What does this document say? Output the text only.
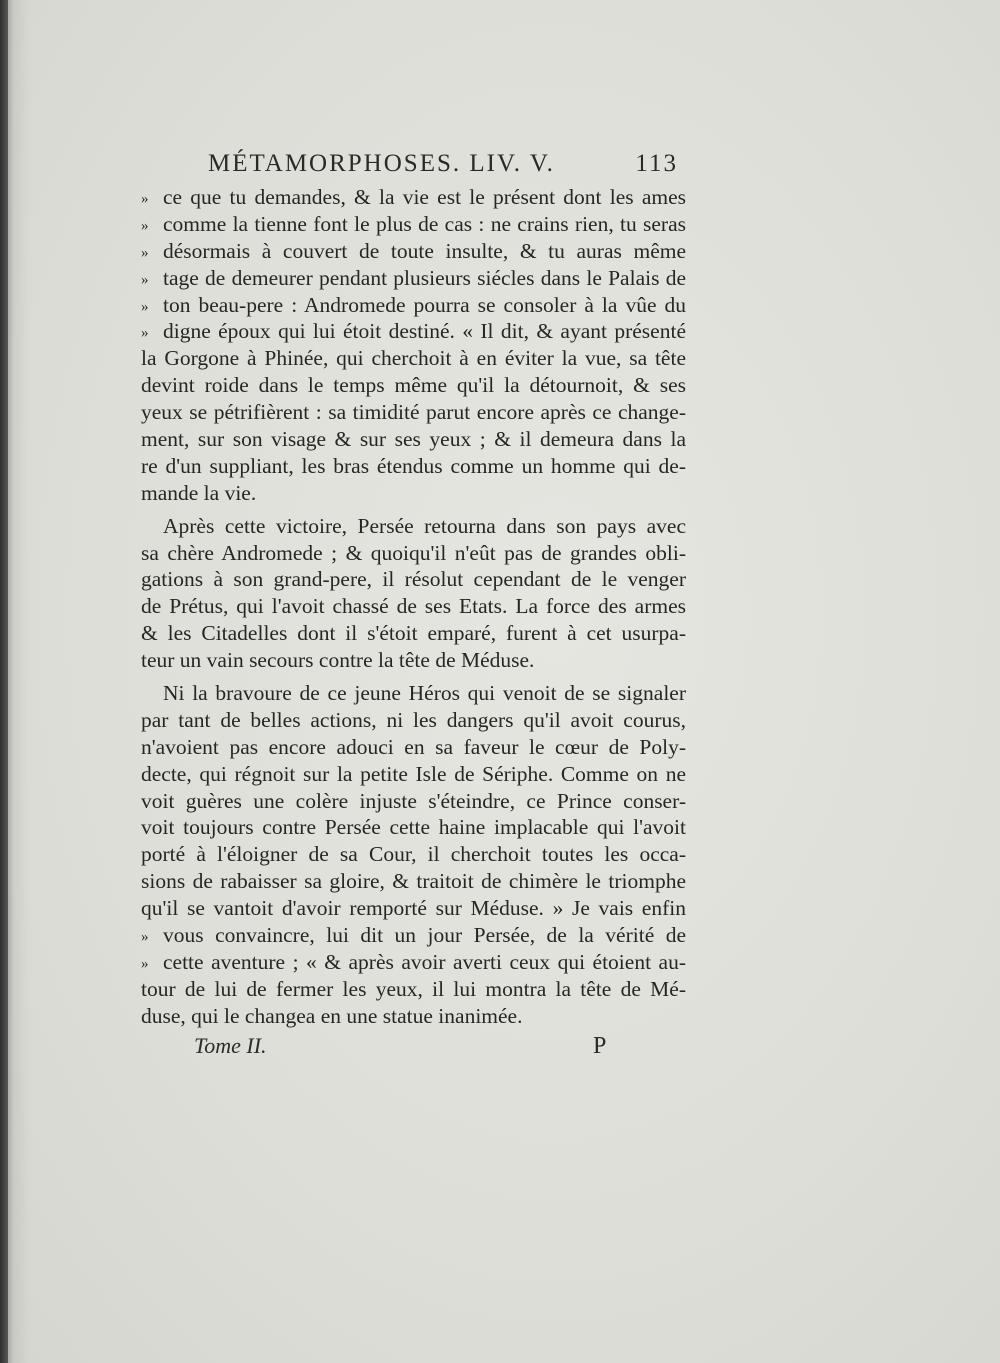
MÉTAMORPHOSES. LIV. V.	113
» ce que tu demandes, & la vie est le présent dont les ames
» comme la tienne font le plus de cas : ne crains rien, tu seras
» désormais à couvert de toute insulte, & tu auras même
» tage de demeurer pendant plusieurs siécles dans le Palais de
» ton beau-pere : Andromede pourra se consoler à la vûe du
» digne époux qui lui étoit destiné. « Il dit, & ayant présenté
la Gorgone à Phinée, qui cherchoit à en éviter la vue, sa tête
devint roide dans le temps même qu'il la détournoit, & ses
yeux se pétrifièrent : sa timidité parut encore après ce change-
ment, sur son visage & sur ses yeux ; & il demeura dans la
re d'un suppliant, les bras étendus comme un homme qui de-
mande la vie.
Après cette victoire, Persée retourna dans son pays avec
sa chère Andromede ; & quoiqu'il n'eût pas de grandes obli-
gations à son grand-pere, il résolut cependant de le venger
de Prétus, qui l'avoit chassé de ses Etats. La force des armes
& les Citadelles dont il s'étoit emparé, furent à cet usurpa-
teur un vain secours contre la tête de Méduse.
Ni la bravoure de ce jeune Héros qui venoit de se signaler
par tant de belles actions, ni les dangers qu'il avoit courus,
n'avoient pas encore adouci en sa faveur le cœur de Poly-
decte, qui régnoit sur la petite Isle de Sériphe. Comme on ne
voit guères une colère injuste s'éteindre, ce Prince conser-
voit toujours contre Persée cette haine implacable qui l'avoit
porté à l'éloigner de sa Cour, il cherchoit toutes les occa-
sions de rabaisser sa gloire, & traitoit de chimère le triomphe
qu'il se vantoit d'avoir remporté sur Méduse. » Je vais enfin
» vous convaincre, lui dit un jour Persée, de la vérité de
» cette aventure ; « & après avoir averti ceux qui étoient au-
tour de lui de fermer les yeux, il lui montra la tête de Mé-
duse, qui le changea en une statue inanimée.
Tome II.	P
